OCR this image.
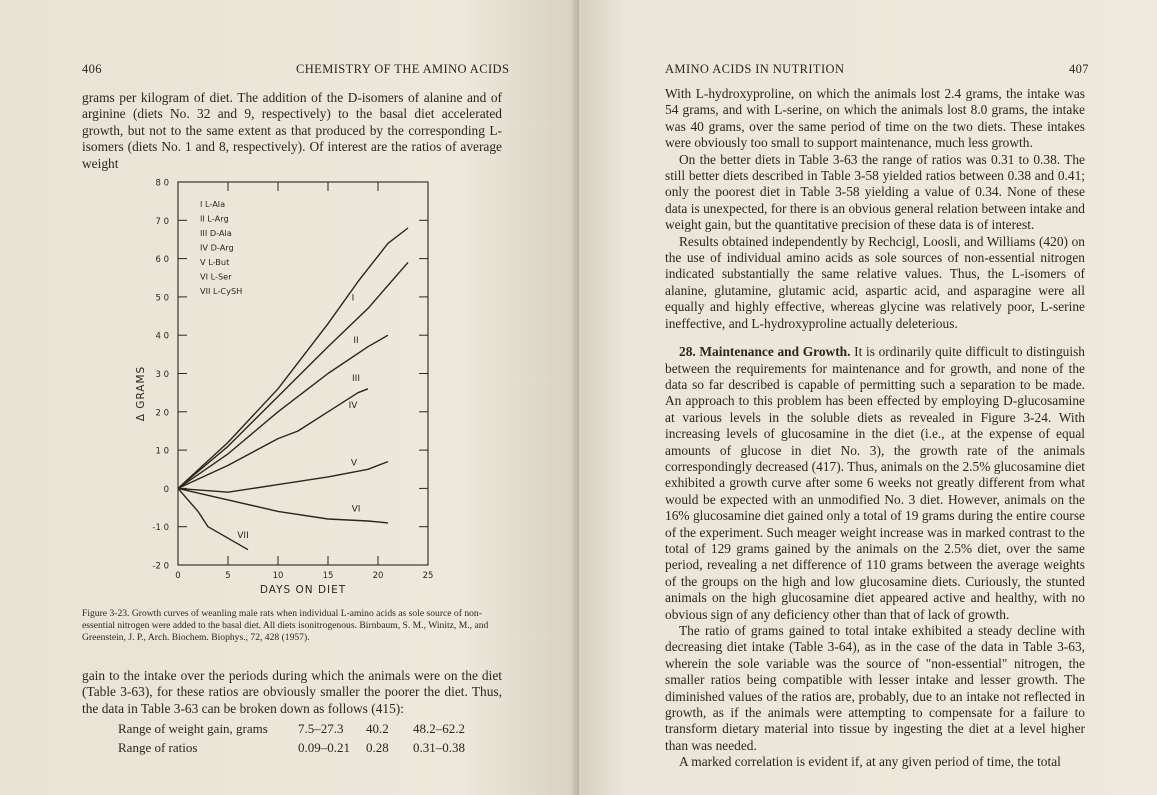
406	CHEMISTRY OF THE AMINO ACIDS

grams per kilogram of diet. The addition of the D-isomers of alanine and of arginine (diets No. 32 and 9, respectively) to the basal diet accelerated growth, but not to the same extent as that produced by the corresponding L-isomers (diets No. 1 and 8, respectively). Of interest are the ratios of average weight

-2 0
-1 0
0
1 0
2 0
3 0
4 0
5 0
6 0
7 0
8 0
0	5	10	15	20	25
DAYS ON DIET
Δ GRAMS
I L-Ala
II L-Arg
III D-Ala
IV D-Arg
V L-But
VI L-Ser
VII L-CySH
I
II
III
IV
V
VI
VII
Figure 3-23. Growth curves of weanling male rats when individual L-amino acids as sole source of non-essential nitrogen were added to the basal diet. All diets isonitrogenous. Birnbaum, S. M., Winitz, M., and Greenstein, J. P., Arch. Biochem. Biophys., 72, 428 (1957).

gain to the intake over the periods during which the animals were on the diet (Table 3-63), for these ratios are obviously smaller the poorer the diet. Thus, the data in Table 3-63 can be broken down as follows (415):

Range of weight gain, grams 7.5–27.3 40.2 48.2–62.2
Range of ratios	0.09–0.21 0.28 0.31–0.38
AMINO ACIDS IN NUTRITION	407

With L-hydroxyproline, on which the animals lost 2.4 grams, the intake was 54 grams, and with L-serine, on which the animals lost 8.0 grams, the intake was 40 grams, over the same period of time on the two diets. These intakes were obviously too small to support maintenance, much less growth.

On the better diets in Table 3-63 the range of ratios was 0.31 to 0.38. The still better diets described in Table 3-58 yielded ratios between 0.38 and 0.41; only the poorest diet in Table 3-58 yielding a value of 0.34. None of these data is unexpected, for there is an obvious general relation between intake and weight gain, but the quantitative precision of these data is of interest.

Results obtained independently by Rechcigl, Loosli, and Williams (420) on the use of individual amino acids as sole sources of non-essential nitrogen indicated substantially the same relative values. Thus, the L-isomers of alanine, glutamine, glutamic acid, aspartic acid, and asparagine were all equally and highly effective, whereas glycine was relatively poor, L-serine ineffective, and L-hydroxyproline actually deleterious.

28. Maintenance and Growth. It is ordinarily quite difficult to distinguish between the requirements for maintenance and for growth, and none of the data so far described is capable of permitting such a separation to be made. An approach to this problem has been effected by employing D-glucosamine at various levels in the soluble diets as revealed in Figure 3-24. With increasing levels of glucosamine in the diet (i.e., at the expense of equal amounts of glucose in diet No. 3), the growth rate of the animals correspondingly decreased (417). Thus, animals on the 2.5% glucosamine diet exhibited a growth curve after some 6 weeks not greatly different from what would be expected with an unmodified No. 3 diet. However, animals on the 16% glucosamine diet gained only a total of 19 grams during the entire course of the experiment. Such meager weight increase was in marked contrast to the total of 129 grams gained by the animals on the 2.5% diet, over the same period, revealing a net difference of 110 grams between the average weights of the groups on the high and low glucosamine diets. Curiously, the stunted animals on the high glucosamine diet appeared active and healthy, with no obvious sign of any deficiency other than that of lack of growth.

The ratio of grams gained to total intake exhibited a steady decline with decreasing diet intake (Table 3-64), as in the case of the data in Table 3-63, wherein the sole variable was the source of "non-essential" nitrogen, the smaller ratios being compatible with lesser intake and lesser growth. The diminished values of the ratios are, probably, due to an intake not reflected in growth, as if the animals were attempting to compensate for a failure to transform dietary material into tissue by ingesting the diet at a level higher than was needed.

A marked correlation is evident if, at any given period of time, the total
